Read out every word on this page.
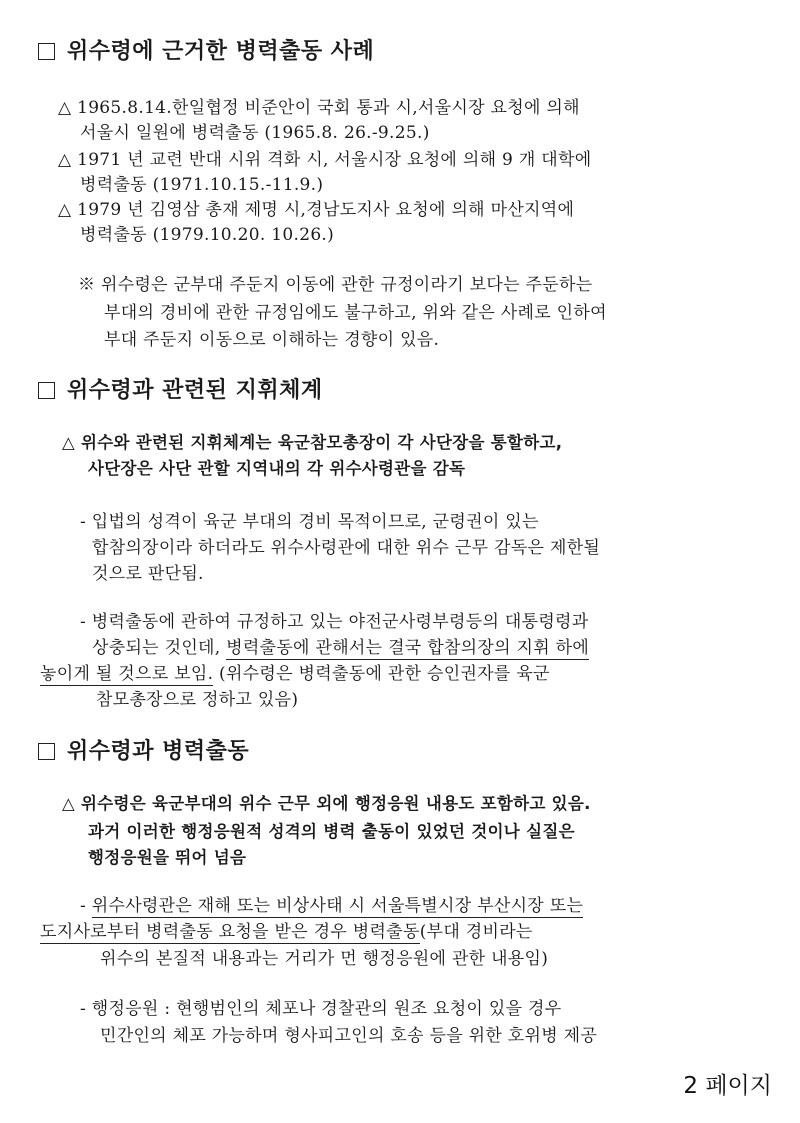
위수령에 근거한 병력출동 사례
△ 1965.8.14.한일협정 비준안이 국회 통과 시,서울시장 요청에 의해
서울시 일원에 병력출동 (1965.8. 26.-9.25.)
△ 1971 년 교련 반대 시위 격화 시, 서울시장 요청에 의해 9 개 대학에
병력출동 (1971.10.15.-11.9.)
△ 1979 년 김영삼 총재 제명 시,경남도지사 요청에 의해 마산지역에
병력출동 (1979.10.20. 10.26.)
※ 위수령은 군부대 주둔지 이동에 관한 규정이라기 보다는 주둔하는
부대의 경비에 관한 규정임에도 불구하고, 위와 같은 사례로 인하여
부대 주둔지 이동으로 이해하는 경향이 있음.
위수령과 관련된 지휘체계
△ 위수와 관련된 지휘체계는 육군참모총장이 각 사단장을 통할하고,
사단장은 사단 관할 지역내의 각 위수사령관을 감독
- 입법의 성격이 육군 부대의 경비 목적이므로, 군령권이 있는
합참의장이라 하더라도 위수사령관에 대한 위수 근무 감독은 제한될
것으로 판단됨.
- 병력출동에 관하여 규정하고 있는 야전군사령부령등의 대통령령과
상충되는 것인데, 병력출동에 관해서는 결국 합참의장의 지휘 하에
놓이게 될 것으로 보임. (위수령은 병력출동에 관한 승인권자를 육군
참모총장으로 정하고 있음)
위수령과 병력출동
△ 위수령은 육군부대의 위수 근무 외에 행정응원 내용도 포함하고 있음.
과거 이러한 행정응원적 성격의 병력 출동이 있었던 것이나 실질은
행정응원을 뛰어 넘음
- 위수사령관은 재해 또는 비상사태 시 서울특별시장 부산시장 또는
도지사로부터 병력출동 요청을 받은 경우 병력출동(부대 경비라는
위수의 본질적 내용과는 거리가 먼 행정응원에 관한 내용임)
- 행정응원 : 현행범인의 체포나 경찰관의 원조 요청이 있을 경우
민간인의 체포 가능하며 형사피고인의 호송 등을 위한 호위병 제공
2 페이지
